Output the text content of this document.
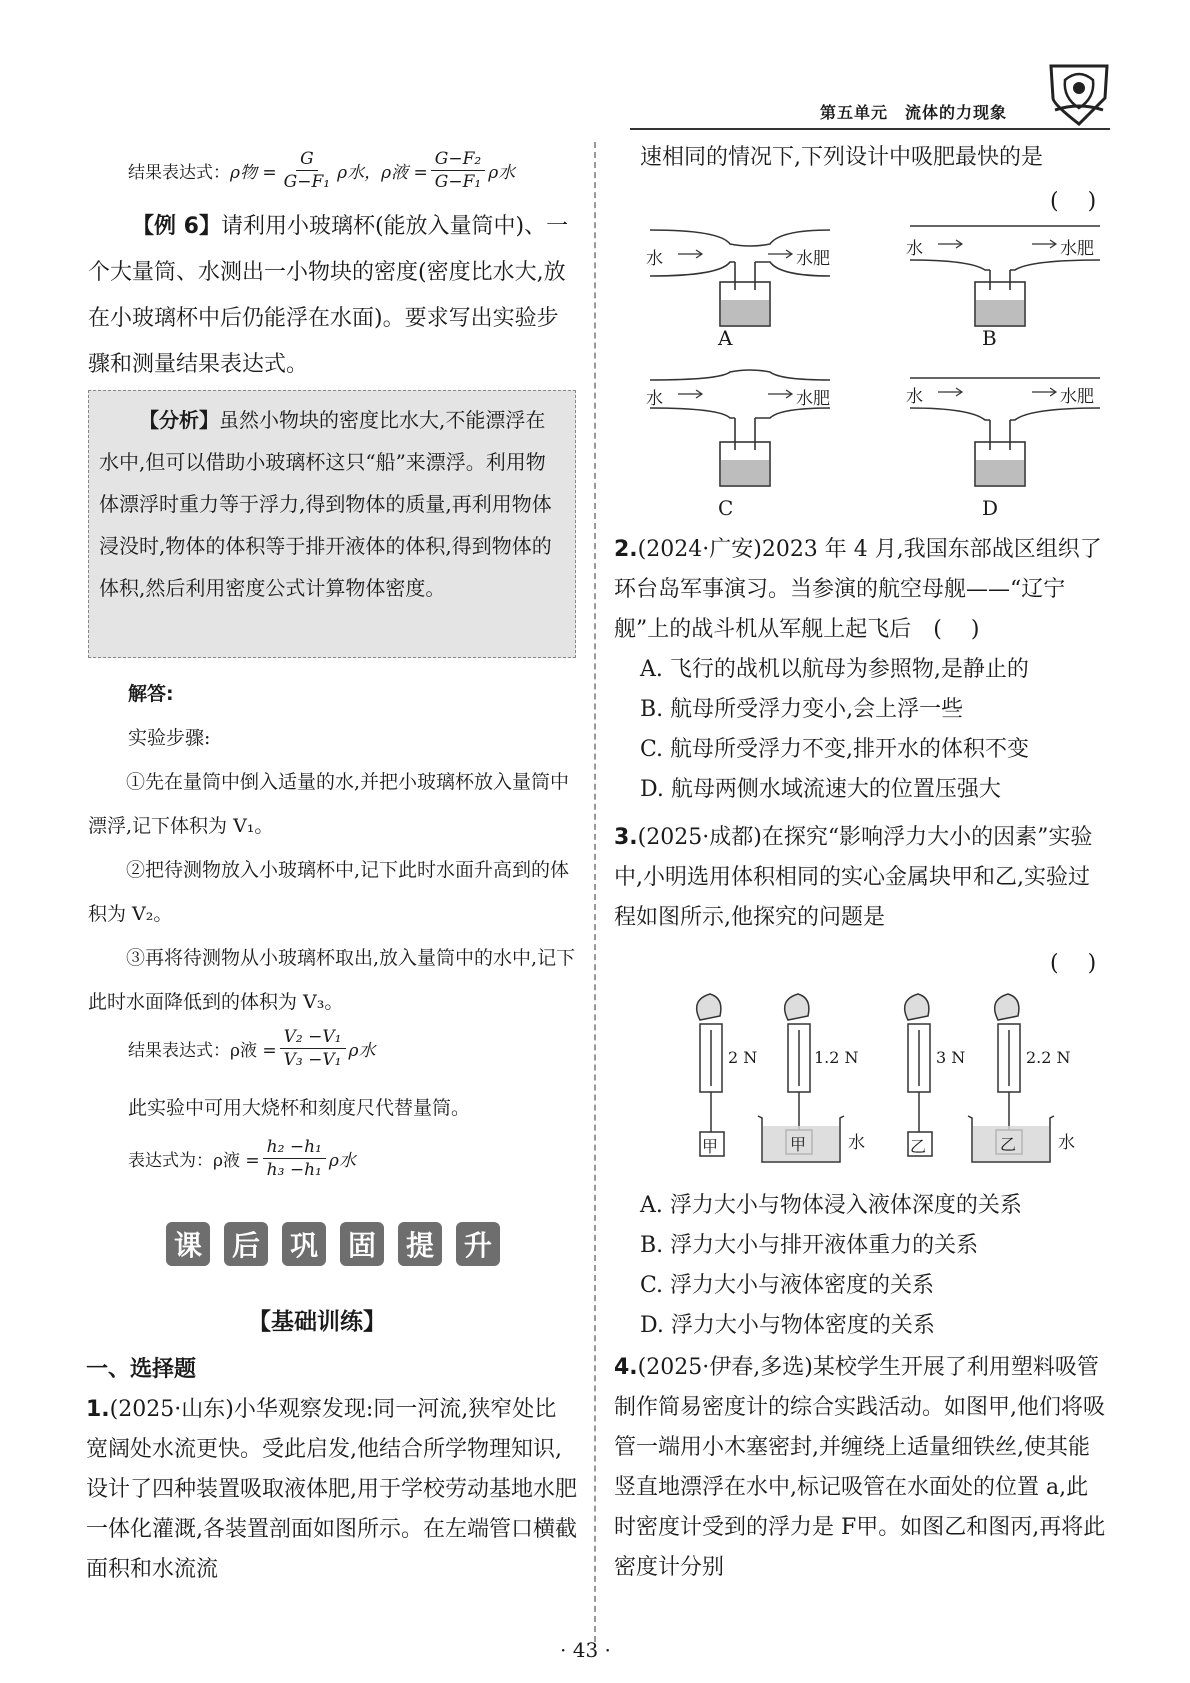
第五单元　流体的力现象
结果表达式： ρ物 = $\frac{G}{\text{G−F₁}}$ ρ水 ，ρ液 = $\frac{\text{G−F₂}}{\text{G−F₁}}$ ρ水

【例 6】请利用小玻璃杯(能放入量筒中)、一个大量筒、水测出一小物块的密度(密度比水大,放在小玻璃杯中后仍能浮在水面)。要求写出实验步骤和测量结果表达式。

【分析】虽然小物块的密度比水大,不能漂浮在水中,但可以借助小玻璃杯这只“船”来漂浮。利用物体漂浮时重力等于浮力,得到物体的质量,再利用物体浸没时,物体的体积等于排开液体的体积,得到物体的体积,然后利用密度公式计算物体密度。

解答:
实验步骤:

①先在量筒中倒入适量的水,并把小玻璃杯放入量筒中漂浮,记下体积为 V₁。

②把待测物放入小玻璃杯中,记下此时水面升高到的体积为 V₂。

③再将待测物从小玻璃杯取出,放入量筒中的水中,记下此时水面降低到的体积为 V₃。

结果表达式：ρ液 = $\frac{\text{V₂ −V₁}}{\text{V₃ −V₁}}$ ρ水
此实验中可用大烧杯和刻度尺代替量筒。
表达式为：ρ液 = $\frac{\text{h₂ −h₁}}{\text{h₃ −h₁}}$ ρ水
课 后 巩 固 提 升
【基础训练】
一、选择题
1.(2025·山东)小华观察发现:同一河流,狭窄处比宽阔处水流更快。受此启发,他结合所学物理知识,设计了四种装置吸取液体肥,用于学校劳动基地水肥一体化灌溉,各装置剖面如图所示。在左端管口横截面积和水流流
速相同的情况下,下列设计中吸肥最快的是
(　 )
水	水肥	水	水肥
水	水肥	水	水肥
A	B
C	D
2.(2024·广安)2023 年 4 月,我国东部战区组织了环台岛军事演习。当参演的航空母舰——“辽宁舰”上的战斗机从军舰上起飞后 (　 )
A. 飞行的战机以航母为参照物,是静止的
B. 航母所受浮力变小,会上浮一些
C. 航母所受浮力不变,排开水的体积不变
D. 航母两侧水域流速大的位置压强大
3.(2025·成都)在探究“影响浮力大小的因素”实验中,小明选用体积相同的实心金属块甲和乙,实验过程如图所示,他探究的问题是
(　 )
2 N	1.2 N	3 N	2.2 N
甲	甲	乙	乙
水	水
A. 浮力大小与物体浸入液体深度的关系
B. 浮力大小与排开液体重力的关系
C. 浮力大小与液体密度的关系
D. 浮力大小与物体密度的关系
4.(2025·伊春,多选)某校学生开展了利用塑料吸管制作简易密度计的综合实践活动。如图甲,他们将吸管一端用小木塞密封,并缠绕上适量细铁丝,使其能竖直地漂浮在水中,标记吸管在水面处的位置 a,此时密度计受到的浮力是 F甲。如图乙和图丙,再将此密度计分别
· 43 ·
